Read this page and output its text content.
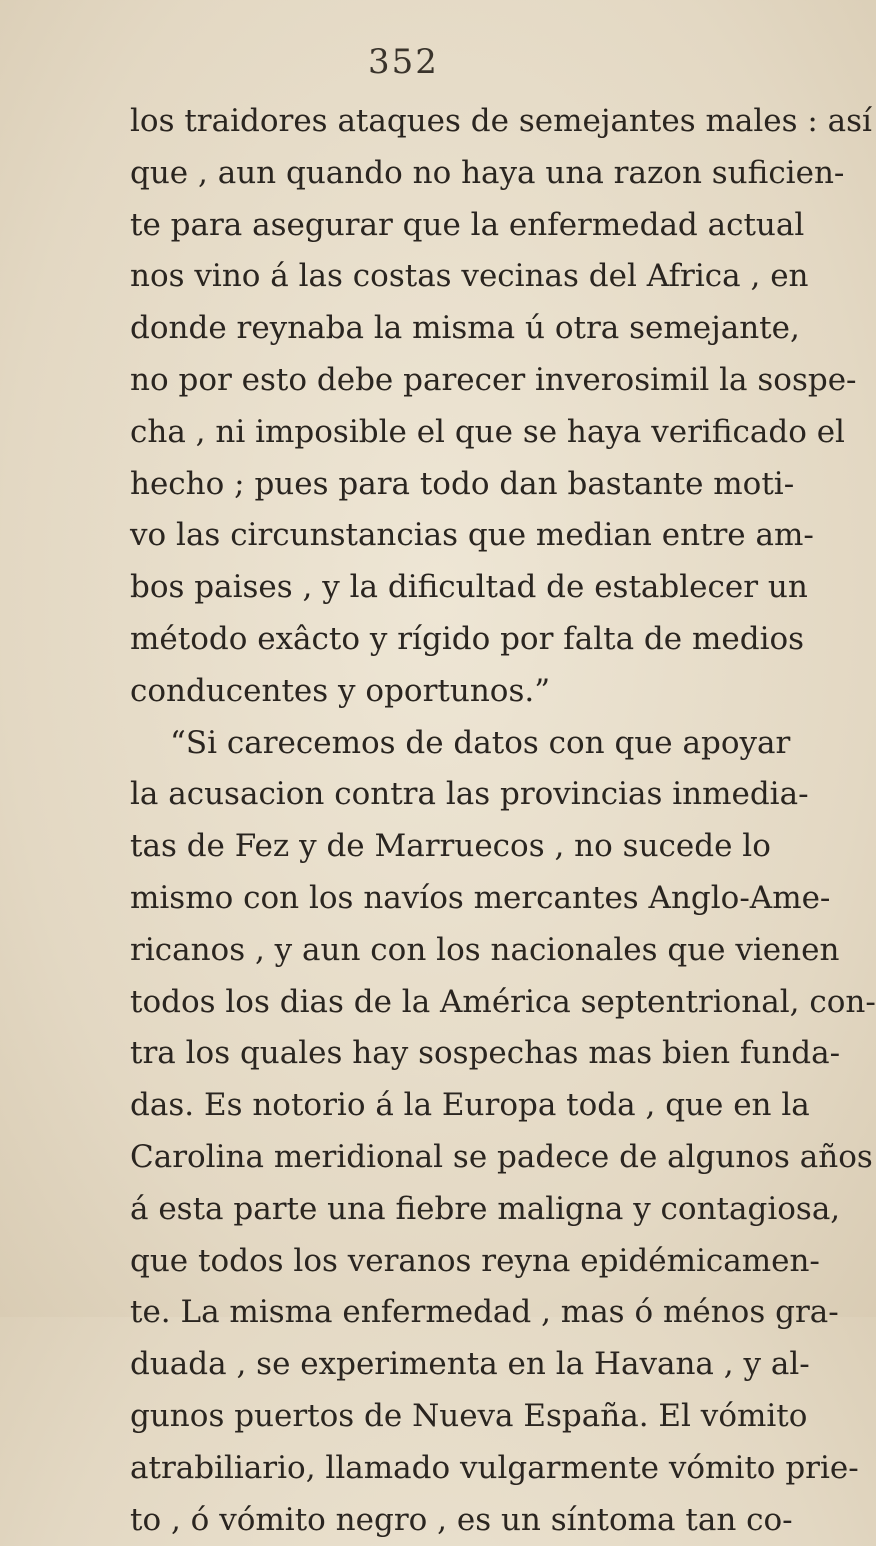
352
los traidores ataques de semejantes males : así
que , aun quando no haya una razon suficien-
te para asegurar que la enfermedad actual
nos vino á las costas vecinas del Africa , en
donde reynaba la misma ú otra semejante,
no por esto debe parecer inverosimil la sospe-
cha , ni imposible el que se haya verificado el
hecho ; pues para todo dan bastante moti-
vo las circunstancias que median entre am-
bos paises , y la dificultad de establecer un
método exâcto y rígido por falta de medios
conducentes y oportunos.”
“Si carecemos de datos con que apoyar
la acusacion contra las provincias inmedia-
tas de Fez y de Marruecos , no sucede lo
mismo con los navíos mercantes Anglo-Ame-
ricanos , y aun con los nacionales que vienen
todos los dias de la América septentrional, con-
tra los quales hay sospechas mas bien funda-
das. Es notorio á la Europa toda , que en la
Carolina meridional se padece de algunos años
á esta parte una fiebre maligna y contagiosa,
que todos los veranos reyna epidémicamen-
te. La misma enfermedad , mas ó ménos gra-
duada , se experimenta en la Havana , y al-
gunos puertos de Nueva España. El vómito
atrabiliario, llamado vulgarmente vómito prie-
to , ó vómito negro , es un síntoma tan co-
